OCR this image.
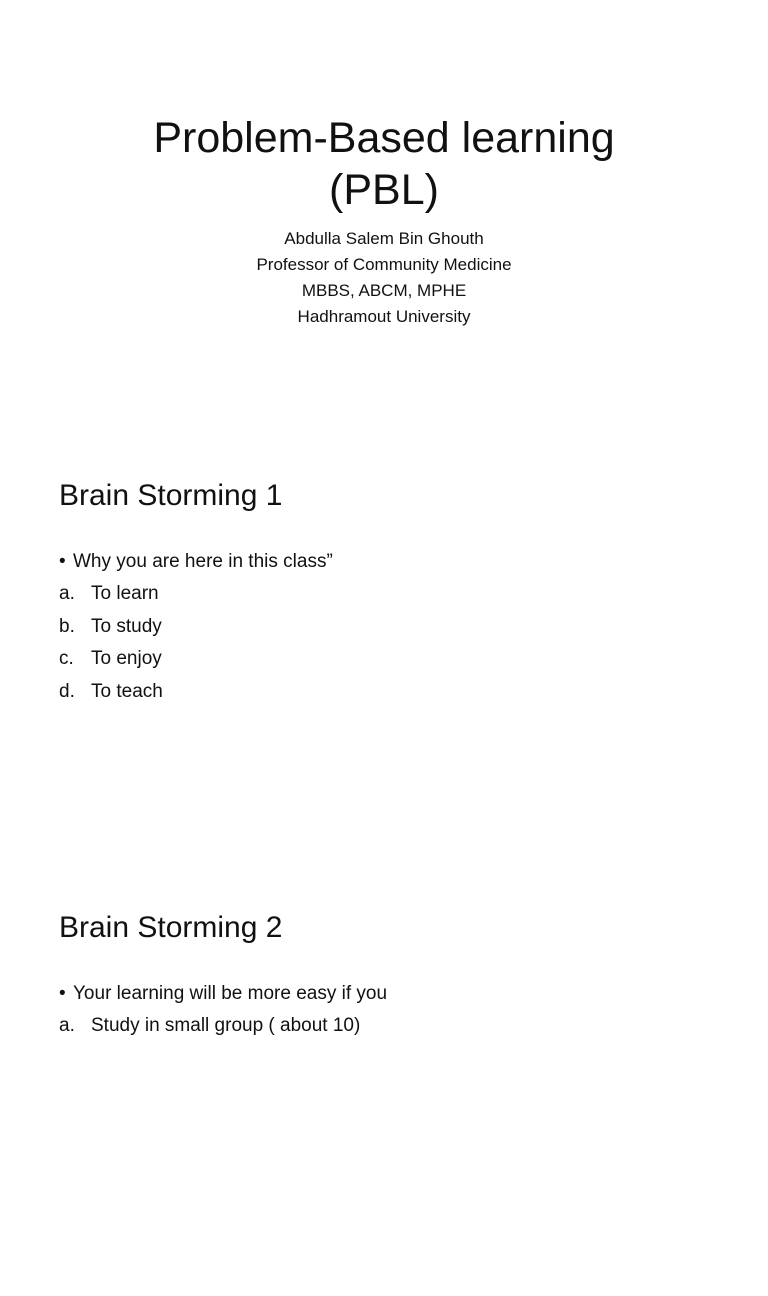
Problem-Based learning
(PBL)
Abdulla Salem Bin Ghouth
Professor of Community Medicine
MBBS, ABCM, MPHE
Hadhramout University
Brain Storming 1
• Why you are here in this class”
a. To learn
b. To study
c. To enjoy
d. To teach
Brain Storming 2
• Your learning will be more easy if you
a. Study in small group ( about 10)
